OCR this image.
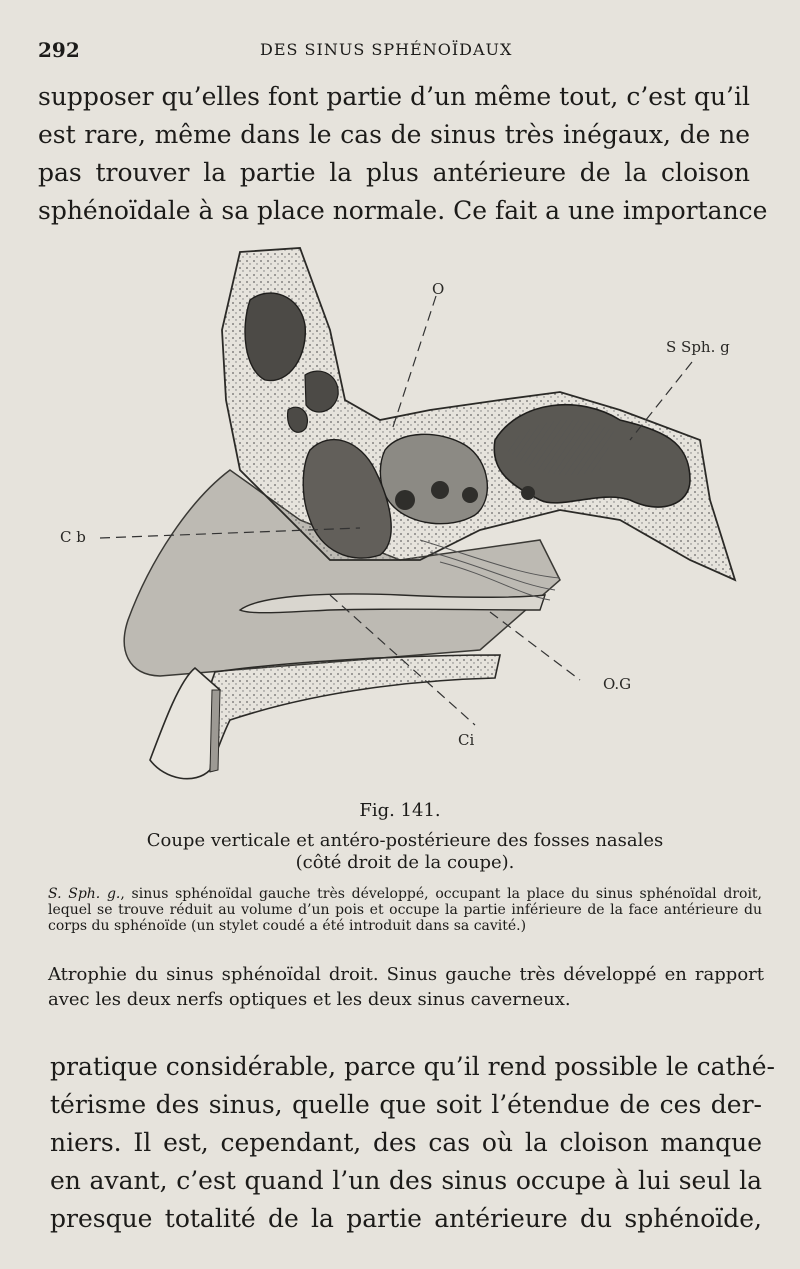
292	DES SINUS SPHÉNOÏDAUX
supposer qu’elles font partie d’un même tout, c’est qu’il
est rare, même dans le cas de sinus très inégaux, de ne
pas trouver la partie la plus antérieure de la cloison
sphénoïdale à sa place normale. Ce fait a une importance
O
S Sph. g
C b
O.G
Ci
Fig. 141.
Coupe verticale et antéro-postérieure des fosses nasales
(côté droit de la coupe).
S. Sph. g., sinus sphénoïdal gauche très développé, occupant la place du sinus sphénoïdal droit, lequel se trouve réduit au volume d’un pois et occupe la partie inférieure de la face antérieure du corps du sphénoïde (un stylet coudé a été introduit dans sa cavité.)
Atrophie du sinus sphénoïdal droit. Sinus gauche très développé en rapport avec les deux nerfs optiques et les deux sinus caverneux.
pratique considérable, parce qu’il rend possible le cathé-
térisme des sinus, quelle que soit l’étendue de ces der-
niers. Il est, cependant, des cas où la cloison manque
en avant, c’est quand l’un des sinus occupe à lui seul la
presque totalité de la partie antérieure du sphénoïde,
